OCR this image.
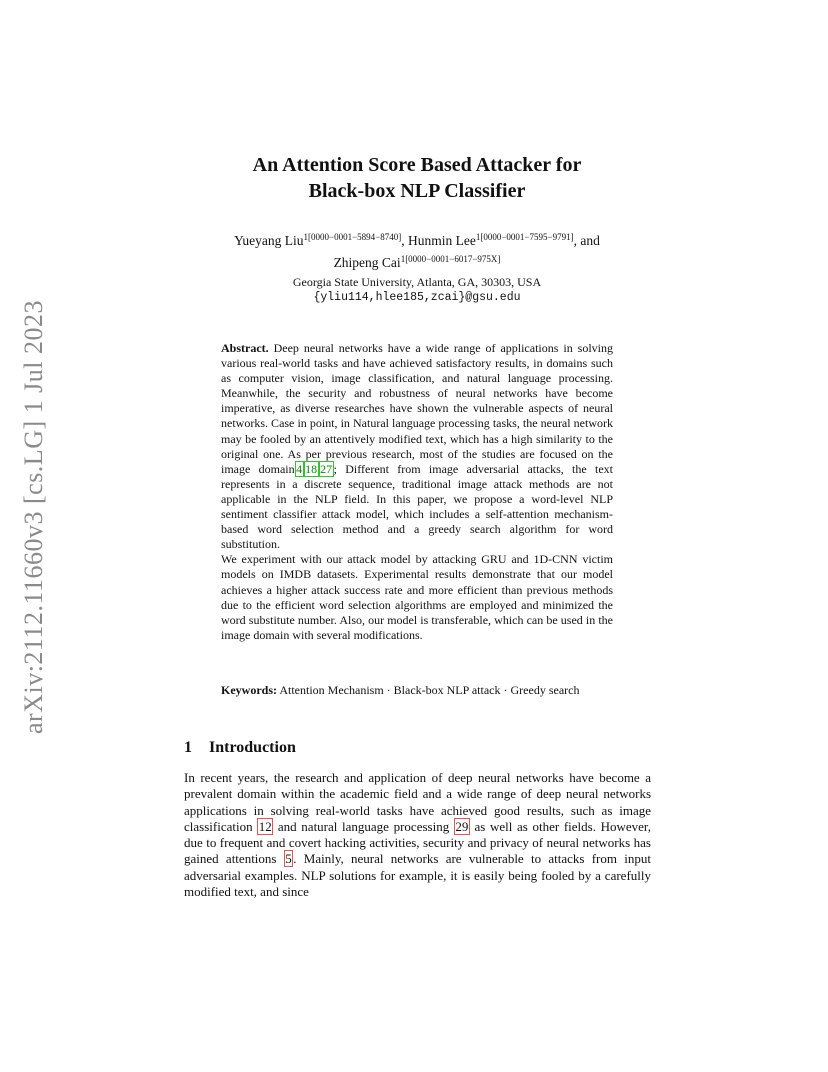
arXiv:2112.11660v3 [cs.LG] 1 Jul 2023
An Attention Score Based Attacker for
Black-box NLP Classifier
Yueyang Liu$^{1[0000-0001-5894-8740]}$, Hunmin Lee$^{1[0000-0001-7595-9791]}$, and
Zhipeng Cai$^{1[0000-0001-6017-975X]}$
Georgia State University, Atlanta, GA, 30303, USA
{yliu114,hlee185,zcai}@gsu.edu

Abstract. Deep neural networks have a wide range of applications in solving various real-world tasks and have achieved satisfactory results, in domains such as computer vision, image classification, and natural language processing. Meanwhile, the security and robustness of neural networks have become imperative, as diverse researches have shown the vulnerable aspects of neural networks. Case in point, in Natural language processing tasks, the neural network may be fooled by an attentively modified text, which has a high similarity to the original one. As per previous research, most of the studies are focused on the image domain 4 18 27 ; Different from image adversarial attacks, the text represents in a discrete sequence, traditional image attack methods are not applicable in the NLP field. In this paper, we propose a word-level NLP sentiment classifier attack model, which includes a self-attention mechanism-based word selection method and a greedy search algorithm for word substitution.

We experiment with our attack model by attacking GRU and 1D-CNN victim models on IMDB datasets. Experimental results demonstrate that our model achieves a higher attack success rate and more efficient than previous methods due to the efficient word selection algorithms are employed and minimized the word substitute number. Also, our model is transferable, which can be used in the image domain with several modifications.

Keywords: Attention Mechanism · Black-box NLP attack · Greedy search
1 Introduction

In recent years, the research and application of deep neural networks have become a prevalent domain within the academic field and a wide range of deep neural networks applications in solving real-world tasks have achieved good results, such as image classification 12 and natural language processing 29 as well as other fields. However, due to frequent and covert hacking activities, security and privacy of neural networks has gained attentions 5 . Mainly, neural networks are vulnerable to attacks from input adversarial examples. NLP solutions for example, it is easily being fooled by a carefully modified text, and since
